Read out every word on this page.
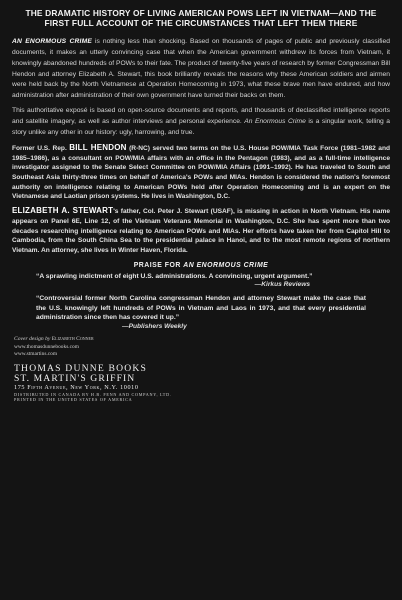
THE DRAMATIC HISTORY OF LIVING AMERICAN POWS LEFT IN VIETNAM—AND THE FIRST FULL ACCOUNT OF THE CIRCUMSTANCES THAT LEFT THEM THERE

AN ENORMOUS CRIME is nothing less than shocking. Based on thousands of pages of public and previously classified documents, it makes an utterly convincing case that when the American government withdrew its forces from Vietnam, it knowingly abandoned hundreds of POWs to their fate. The product of twenty-five years of research by former Congressman Bill Hendon and attorney Elizabeth A. Stewart, this book brilliantly reveals the reasons why these American soldiers and airmen were held back by the North Vietnamese at Operation Homecoming in 1973, what these brave men have endured, and how administration after administration of their own government have turned their backs on them.

This authoritative exposé is based on open-source documents and reports, and thousands of declassified intelligence reports and satellite imagery, as well as author interviews and personal experience. An Enormous Crime is a singular work, telling a story unlike any other in our history: ugly, harrowing, and true.

Former U.S. Rep. BILL HENDON (R-NC) served two terms on the U.S. House POW/MIA Task Force (1981–1982 and 1985–1986), as a consultant on POW/MIA affairs with an office in the Pentagon (1983), and as a full-time intelligence investigator assigned to the Senate Select Committee on POW/MIA Affairs (1991–1992). He has traveled to South and Southeast Asia thirty-three times on behalf of America's POWs and MIAs. Hendon is considered the nation's foremost authority on intelligence relating to American POWs held after Operation Homecoming and is an expert on the Vietnamese and Laotian prison systems. He lives in Washington, D.C.

ELIZABETH A. STEWART's father, Col. Peter J. Stewart (USAF), is missing in action in North Vietnam. His name appears on Panel 6E, Line 12, of the Vietnam Veterans Memorial in Washington, D.C. She has spent more than two decades researching intelligence relating to American POWs and MIAs. Her efforts have taken her from Capitol Hill to Cambodia, from the South China Sea to the presidential palace in Hanoi, and to the most remote regions of northern Vietnam. An attorney, she lives in Winter Haven, Florida.

PRAISE FOR AN ENORMOUS CRIME
“A sprawling indictment of eight U.S. administrations. A convincing, urgent argument.”
—Kirkus Reviews
“Controversial former North Carolina congressman Hendon and attorney Stewart make the case that the U.S. knowingly left hundreds of POWs in Vietnam and Laos in 1973, and that every presidential administration since then has covered it up.”
—Publishers Weekly
Cover design by Elizabeth Conner
www.thomasdunnebooks.com
www.stmartins.com
THOMAS DUNNE BOOKS
ST. MARTIN'S GRIFFIN
175 Fifth Avenue, New York, N.Y. 10010
DISTRIBUTED IN CANADA BY H.B. FENN AND COMPANY, LTD.
PRINTED IN THE UNITED STATES OF AMERICA
